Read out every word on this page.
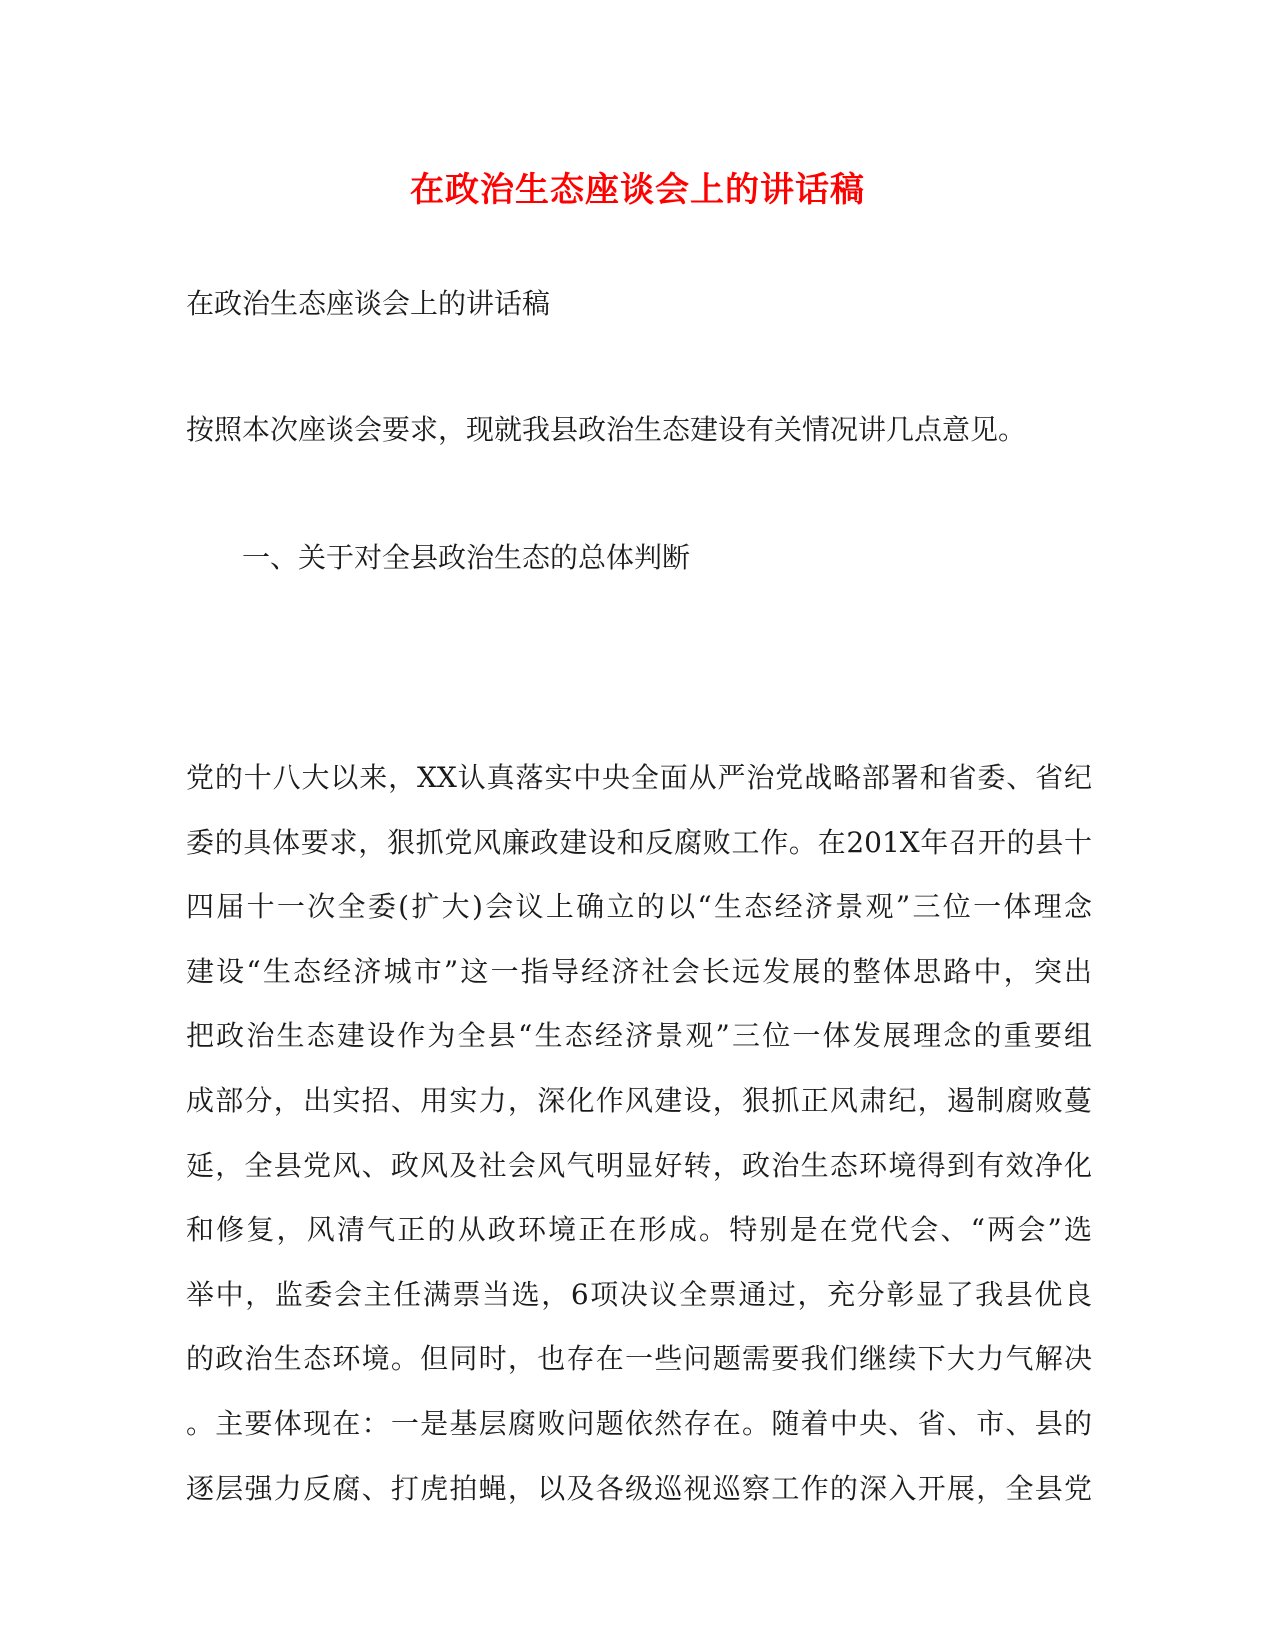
在政治生态座谈会上的讲话稿

在政治生态座谈会上的讲话稿

按照本次座谈会要求，现就我县政治生态建设有关情况讲几点意见。

一、关于对全县政治生态的总体判断

党的十八大以来，XX认真落实中央全面从严治党战略部署和省委、省纪
委的具体要求，狠抓党风廉政建设和反腐败工作。在201X年召开的县十
四届十一次全委(扩大)会议上确立的以“生态经济景观”三位一体理念
建设“生态经济城市”这一指导经济社会长远发展的整体思路中，突出
把政治生态建设作为全县“生态经济景观”三位一体发展理念的重要组
成部分，出实招、用实力，深化作风建设，狠抓正风肃纪，遏制腐败蔓
延，全县党风、政风及社会风气明显好转，政治生态环境得到有效净化
和修复，风清气正的从政环境正在形成。特别是在党代会、“两会”选
举中，监委会主任满票当选，6项决议全票通过，充分彰显了我县优良
的政治生态环境。但同时，也存在一些问题需要我们继续下大力气解决
。主要体现在：一是基层腐败问题依然存在。随着中央、省、市、县的
逐层强力反腐、打虎拍蝇，以及各级巡视巡察工作的深入开展，全县党
